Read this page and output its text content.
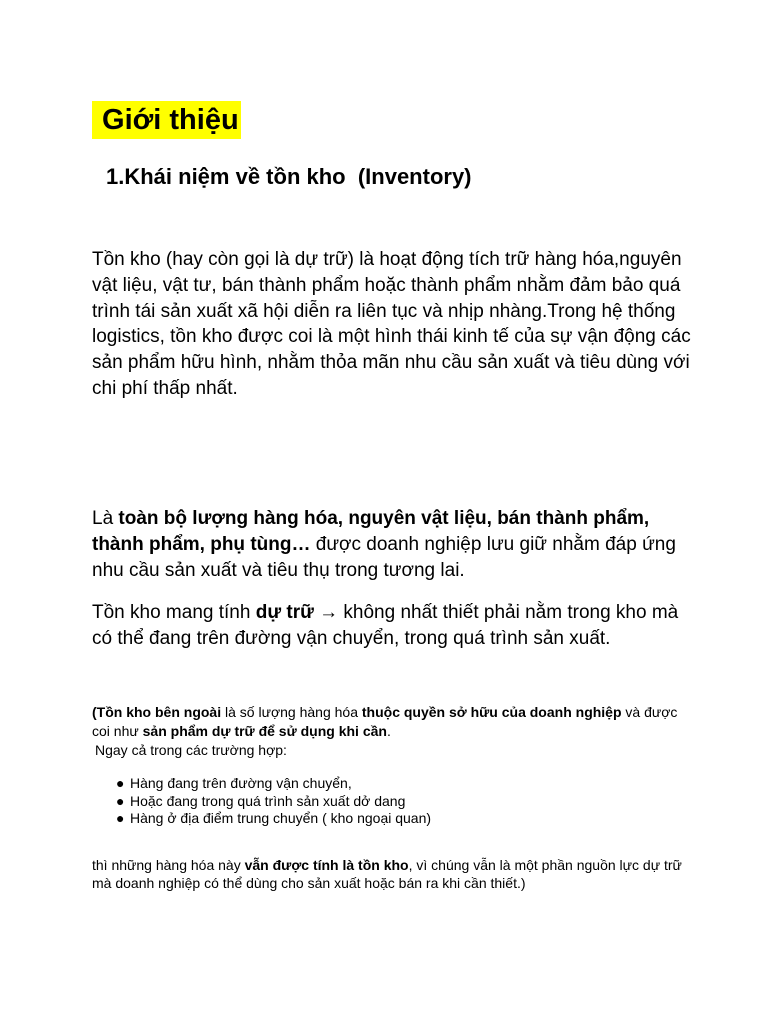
Giới thiệu
1.Khái niệm về tồn kho  (Inventory)
Tồn kho (hay còn gọi là dự trữ) là hoạt động tích trữ hàng hóa,nguyên vật liệu, vật tư, bán thành phẩm hoặc thành phẩm nhằm đảm bảo quá trình tái sản xuất xã hội diễn ra liên tục và nhịp nhàng.Trong hệ thống logistics, tồn kho được coi là một hình thái kinh tế của sự vận động các sản phẩm hữu hình, nhằm thỏa mãn nhu cầu sản xuất và tiêu dùng với chi phí thấp nhất.
Là toàn bộ lượng hàng hóa, nguyên vật liệu, bán thành phẩm, thành phẩm, phụ tùng… được doanh nghiệp lưu giữ nhằm đáp ứng nhu cầu sản xuất và tiêu thụ trong tương lai.
Tồn kho mang tính dự trữ → không nhất thiết phải nằm trong kho mà có thể đang trên đường vận chuyển, trong quá trình sản xuất.
(Tồn kho bên ngoài là số lượng hàng hóa thuộc quyền sở hữu của doanh nghiệp và được coi như sản phẩm dự trữ để sử dụng khi cần.
Ngay cả trong các trường hợp:
● Hàng đang trên đường vận chuyển,
● Hoặc đang trong quá trình sản xuất dở dang
● Hàng ở địa điểm trung chuyển ( kho ngoại quan)
thì những hàng hóa này vẫn được tính là tồn kho, vì chúng vẫn là một phần nguồn lực dự trữ mà doanh nghiệp có thể dùng cho sản xuất hoặc bán ra khi cần thiết.)
